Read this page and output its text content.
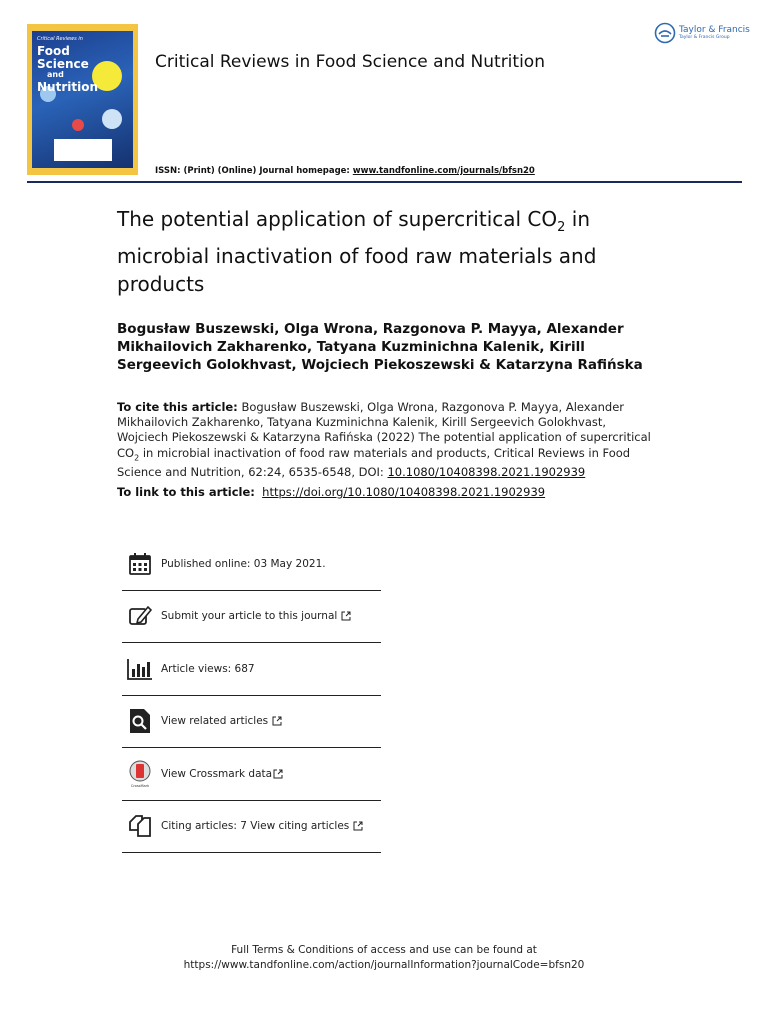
Critical Reviews in
Food
Science
and
Nutrition
Critical Reviews in Food Science and Nutrition
Taylor & Francis
Taylor & Francis Group
ISSN: (Print) (Online) Journal homepage: www.tandfonline.com/journals/bfsn20
The potential application of supercritical $CO_2$ in microbial inactivation of food raw materials and products
Bogusław Buszewski, Olga Wrona, Razgonova P. Mayya, Alexander Mikhailovich Zakharenko, Tatyana Kuzminichna Kalenik, Kirill Sergeevich Golokhvast, Wojciech Piekoszewski & Katarzyna Rafińska
To cite this article: Bogusław Buszewski, Olga Wrona, Razgonova P. Mayya, Alexander Mikhailovich Zakharenko, Tatyana Kuzminichna Kalenik, Kirill Sergeevich Golokhvast, Wojciech Piekoszewski & Katarzyna Rafińska (2022) The potential application of supercritical $CO_2$ in microbial inactivation of food raw materials and products, Critical Reviews in Food Science and Nutrition, 62:24, 6535-6548, DOI: 10.1080/10408398.2021.1902939
To link to this article: https://doi.org/10.1080/10408398.2021.1902939
Published online: 03 May 2021.
Submit your article to this journal
Article views: 687
View related articles
CrossMark
View Crossmark data
Citing articles: 7 View citing articles
Full Terms & Conditions of access and use can be found at
https://www.tandfonline.com/action/journalInformation?journalCode=bfsn20
